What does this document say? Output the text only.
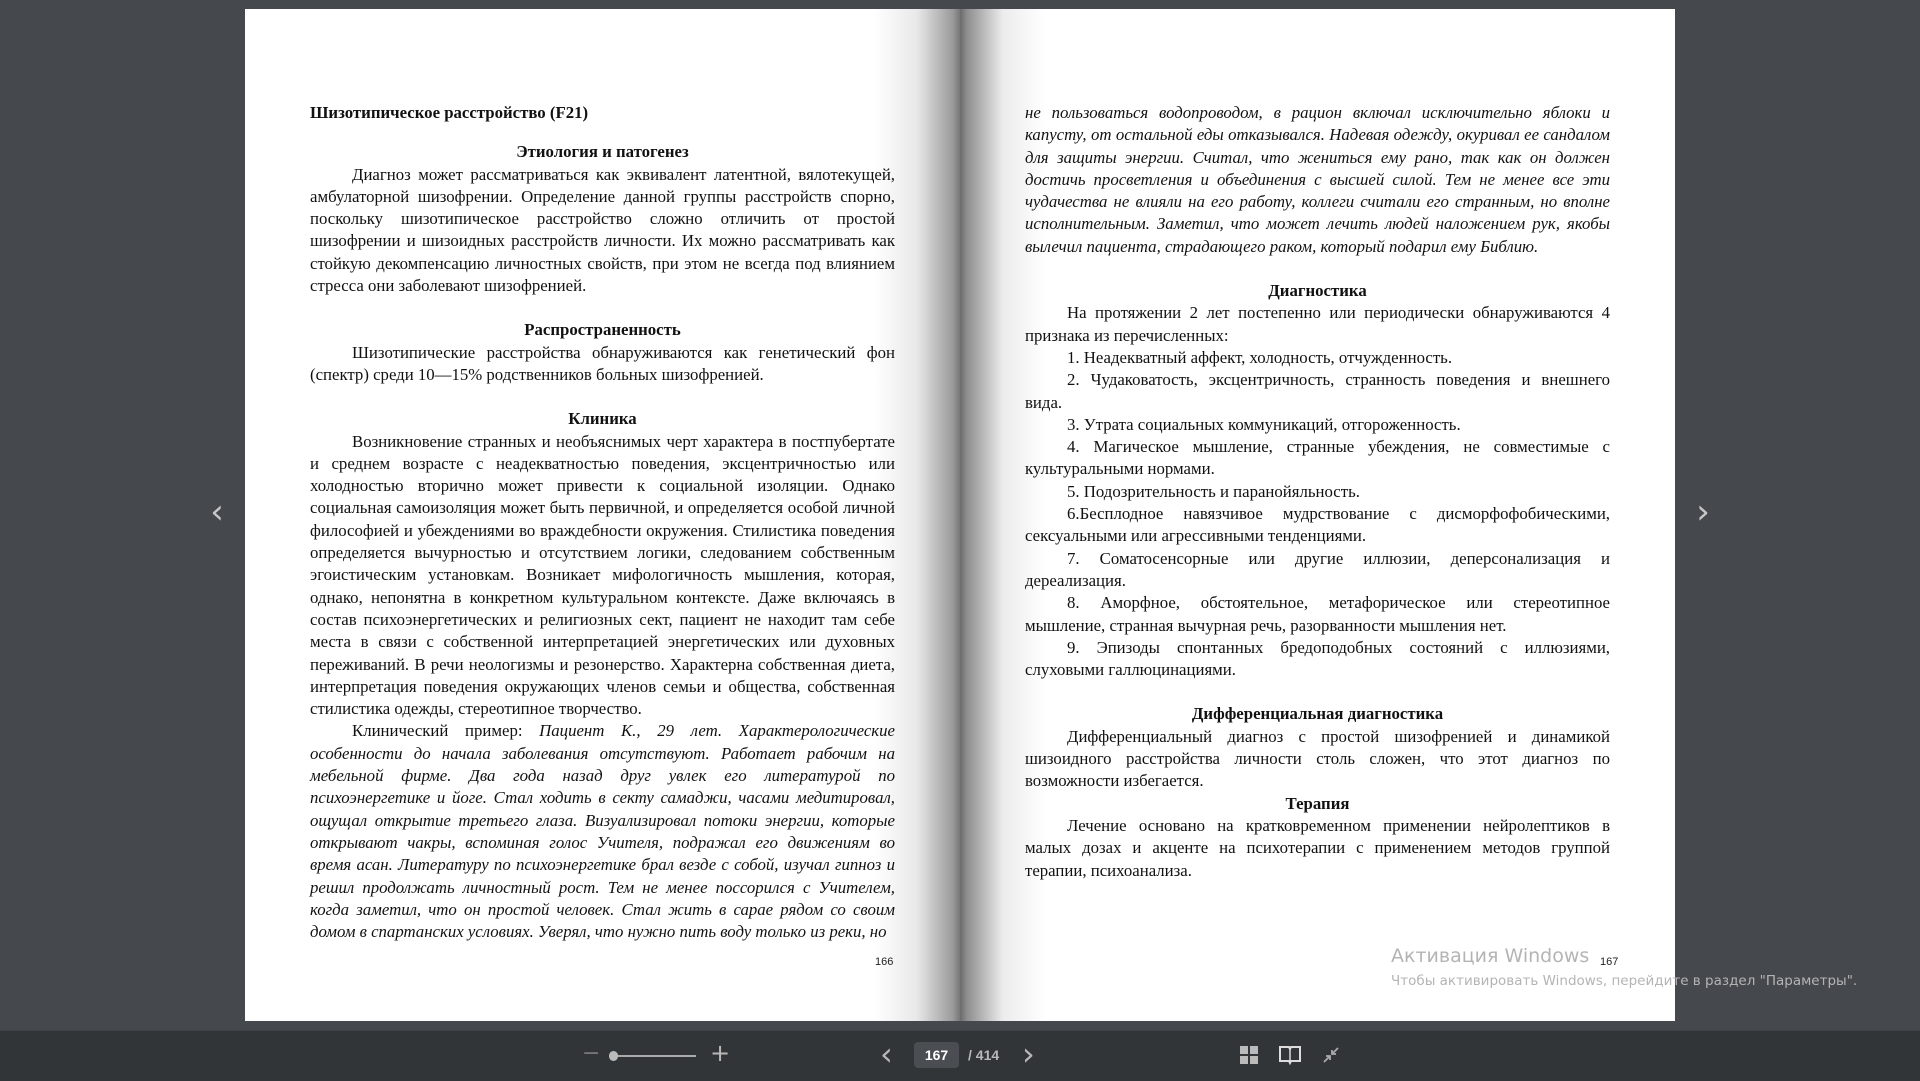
Шизотипическое расстройство (F21)
Этиология и патогенез

Диагноз может рассматриваться как эквивалент латентной, вялотекущей, амбулаторной шизофрении. Определение данной группы расстройств спорно, поскольку шизотипическое расстройство сложно отличить от простой шизофрении и шизоидных расстройств личности. Их можно рассматривать как стойкую декомпенсацию личностных свойств, при этом не всегда под влиянием стресса они заболевают шизофренией.

Распространенность

Шизотипические расстройства обнаруживаются как генетический фон (спектр) среди 10—15% родственников больных шизофренией.

Клиника

Возникновение странных и необъяснимых черт характера в постпубертате и среднем возрасте с неадекватностью поведения, эксцентричностью или холодностью вторично может привести к социальной изоляции. Однако социальная самоизоляция может быть первичной, и определяется особой личной философией и убеждениями во враждебности окружения. Стилистика поведения определяется вычурностью и отсутствием логики, следованием собственным эгоистическим установкам. Возникает мифологичность мышления, которая, однако, непонятна в конкретном культуральном контексте. Даже включаясь в состав психоэнергетических и религиозных сект, пациент не находит там себе места в связи с собственной интерпретацией энергетических или духовных переживаний. В речи неологизмы и резонерство. Характерна собственная диета, интерпретация поведения окружающих членов семьи и общества, собственная стилистика одежды, стереотипное творчество.

Клинический пример: Пациент К., 29 лет. Характерологические особенности до начала заболевания отсутствуют. Работает рабочим на мебельной фирме. Два года назад друг увлек его литературой по психоэнергетике и йоге. Стал ходить в секту самаджи, часами медитировал, ощущал открытие третьего глаза. Визуализировал потоки энергии, которые открывают чакры, вспоминая голос Учителя, подражал его движениям во время асан. Литературу по психоэнергетике брал везде с собой, изучал гипноз и решил продолжать личностный рост. Тем не менее поссорился с Учителем, когда заметил, что он простой человек. Стал жить в сарае рядом со своим домом в спартанских условиях. Уверял, что нужно пить воду только из реки, но

166

не пользоваться водопроводом, в рацион включал исключительно яблоки и капусту, от остальной еды отказывался. Надевая одежду, окуривал ее сандалом для защиты энергии. Считал, что жениться ему рано, так как он должен достичь просветления и объединения с высшей силой. Тем не менее все эти чудачества не влияли на его работу, коллеги считали его странным, но вполне исполнительным. Заметил, что может лечить людей наложением рук, якобы вылечил пациента, страдающего раком, который подарил ему Библию.

Диагностика

На протяжении 2 лет постепенно или периодически обнаруживаются 4 признака из перечисленных:

1. Неадекватный аффект, холодность, отчужденность.

2. Чудаковатость, эксцентричность, странность поведения и внешнего вида.

3. Утрата социальных коммуникаций, отгороженность.

4. Магическое мышление, странные убеждения, не совместимые с культуральными нормами.

5. Подозрительность и паранойяльность.

6.Бесплодное навязчивое мудрствование с дисморфофобическими, сексуальными или агрессивными тенденциями.

7. Соматосенсорные или другие иллюзии, деперсонализация и дереализация.

8. Аморфное, обстоятельное, метафорическое или стереотипное мышление, странная вычурная речь, разорванности мышления нет.

9. Эпизоды спонтанных бредоподобных состояний с иллюзиями, слуховыми галлюцинациями.

Дифференциальная диагностика

Дифференциальный диагноз с простой шизофренией и динамикой шизоидного расстройства личности столь сложен, что этот диагноз по возможности избегается.

Терапия

Лечение основано на кратковременном применении нейролептиков в малых дозах и акценте на психотерапии с применением методов группой терапии, психоанализа.

167
‹	›
Активация Windows
Чтобы активировать Windows, перейдите в раздел "Параметры".
−	+	‹	167	/ 414 ›
